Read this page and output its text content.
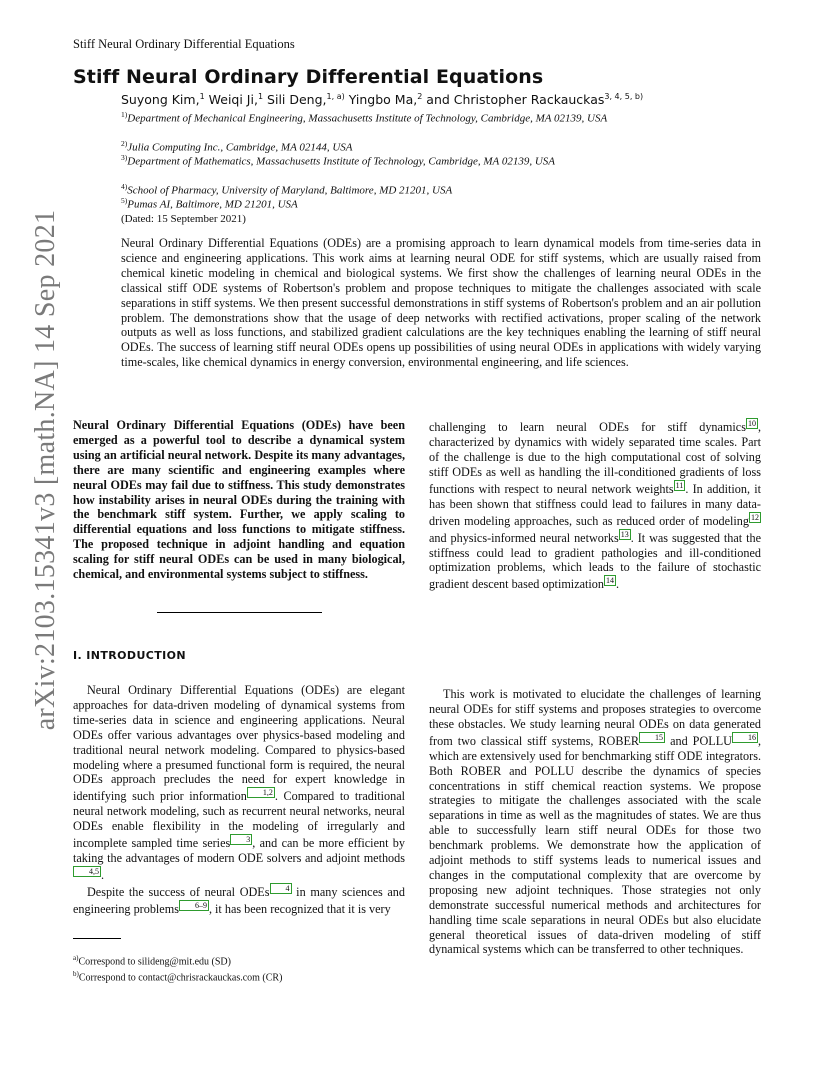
Stiff Neural Ordinary Differential Equations
Stiff Neural Ordinary Differential Equations
Suyong Kim,$^1$ Weiqi Ji,$^1$ Sili Deng,$^{1, a)}$ Yingbo Ma,$^2$ and Christopher Rackauckas$^{3, 4, 5, b)}$
$^{1)}$Department of Mechanical Engineering, Massachusetts Institute of Technology, Cambridge, MA 02139, USA
$^{2)}$Julia Computing Inc., Cambridge, MA 02144, USA
$^{3)}$Department of Mathematics, Massachusetts Institute of Technology, Cambridge, MA 02139, USA
$^{4)}$School of Pharmacy, University of Maryland, Baltimore, MD 21201, USA
$^{5)}$Pumas AI, Baltimore, MD 21201, USA
(Dated: 15 September 2021)
Neural Ordinary Differential Equations (ODEs) are a promising approach to learn dynamical models from time-series data in science and engineering applications. This work aims at learning neural ODE for stiff systems, which are usually raised from chemical kinetic modeling in chemical and biological systems. We first show the challenges of learning neural ODEs in the classical stiff ODE systems of Robertson's problem and propose techniques to mitigate the challenges associated with scale separations in stiff systems. We then present successful demonstrations in stiff systems of Robertson's problem and an air pollution problem. The demonstrations show that the usage of deep networks with rectified activations, proper scaling of the network outputs as well as loss functions, and stabilized gradient calculations are the key techniques enabling the learning of stiff neural ODEs. The success of learning stiff neural ODEs opens up possibilities of using neural ODEs in applications with widely varying time-scales, like chemical dynamics in energy conversion, environmental engineering, and life sciences.
arXiv:2103.15341v3 [math.NA] 14 Sep 2021 Neural Ordinary Differential Equations (ODEs) have been emerged as a powerful tool to describe a dynamical system using an artificial neural network. Despite its many advantages, there are many scientific and engineering examples where neural ODEs may fail due to stiffness. This study demonstrates how instability arises in neural ODEs during the training with the benchmark stiff system. Further, we apply scaling to differential equations and loss functions to mitigate stiffness. The proposed technique in adjoint handling and equation scaling for stiff neural ODEs can be used in many biological, chemical, and environmental systems subject to stiffness.

challenging to learn neural ODEs for stiff dynamics 10 , characterized by dynamics with widely separated time scales. Part of the challenge is due to the high computational cost of solving stiff ODEs as well as handling the ill-conditioned gradients of loss functions with respect to neural network weights 11 . In addition, it has been shown that stiffness could lead to failures in many data-driven modeling approaches, such as reduced order of modeling 12 and physics-informed neural networks 13 . It was suggested that the stiffness could lead to gradient pathologies and ill-conditioned optimization problems, which leads to the failure of stochastic gradient descent based optimization 14 .

I. INTRODUCTION

Neural Ordinary Differential Equations (ODEs) are elegant approaches for data-driven modeling of dynamical systems from time-series data in science and engineering applications. Neural ODEs offer various advantages over physics-based modeling and traditional neural network modeling. Compared to physics-based modeling where a presumed functional form is required, the neural ODEs approach precludes the need for expert knowledge in identifying such prior information 1,2 . Compared to traditional neural network modeling, such as recurrent neural networks, neural ODEs enable flexibility in the modeling of irregularly and incomplete sampled time series 3 , and can be more efficient by taking the advantages of modern ODE solvers and adjoint methods4,5 .

Despite the success of neural ODEs 4 in many sciences and engineering problems 6–9 , it has been recognized that it is very

This work is motivated to elucidate the challenges of learning neural ODEs for stiff systems and proposes strategies to overcome these obstacles. We study learning neural ODEs on data generated from two classical stiff systems, ROBER 15 and POLLU 16 , which are extensively used for benchmarking stiff ODE integrators. Both ROBER and POLLU describe the dynamics of species concentrations in stiff chemical reaction systems. We propose strategies to mitigate the challenges associated with the scale separations in time as well as the magnitudes of states. We are thus able to successfully learn stiff neural ODEs for those two benchmark problems. We demonstrate how the application of adjoint methods to stiff systems leads to numerical issues and changes in the computational complexity that are overcome by proposing new adjoint techniques. Those strategies not only demonstrate successful numerical methods and architectures for handling time scale separations in neural ODEs but also elucidate general theoretical issues of data-driven modeling of stiff dynamical systems which can be transferred to other techniques.

$^{a)}$Correspond to silideng@mit.edu (SD)
$^{b)}$Correspond to contact@chrisrackauckas.com (CR)
